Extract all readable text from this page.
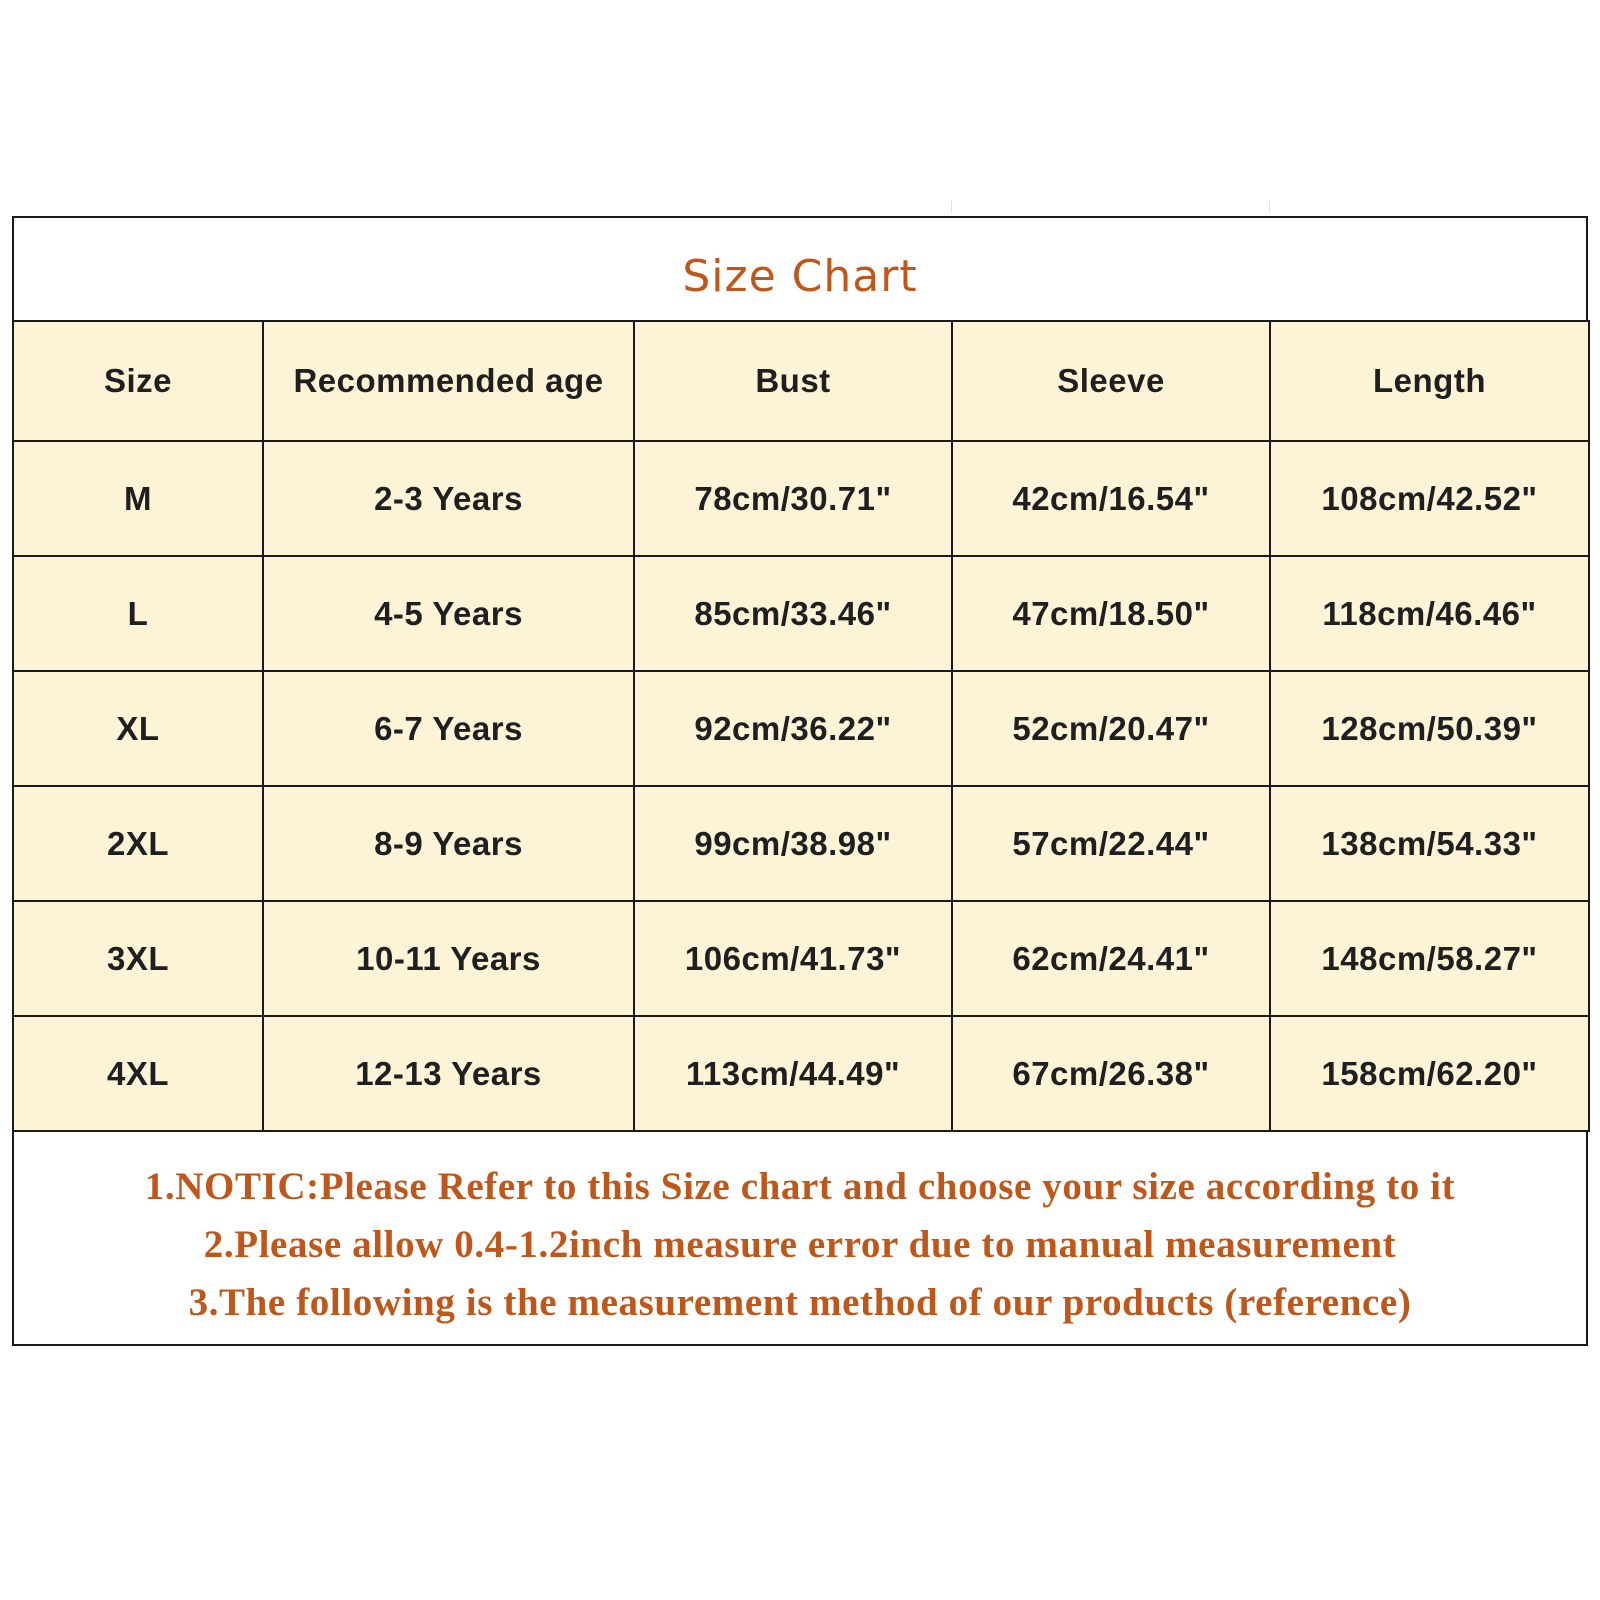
Size Chart
Size	Recommended age	Bust	Sleeve	Length
M	2-3 Years	78cm/30.71"	42cm/16.54"	108cm/42.52"
L	4-5 Years	85cm/33.46"	47cm/18.50"	118cm/46.46"
XL	6-7 Years	92cm/36.22"	52cm/20.47"	128cm/50.39"
2XL	8-9 Years	99cm/38.98"	57cm/22.44"	138cm/54.33"
3XL	10-11 Years	106cm/41.73"	62cm/24.41"	148cm/58.27"
4XL	12-13 Years	113cm/44.49"	67cm/26.38"	158cm/62.20"
1.NOTIC:Please Refer to this Size chart and choose your size according to it
2.Please allow 0.4-1.2inch measure error due to manual measurement
3.The following is the measurement method of our products (reference)
